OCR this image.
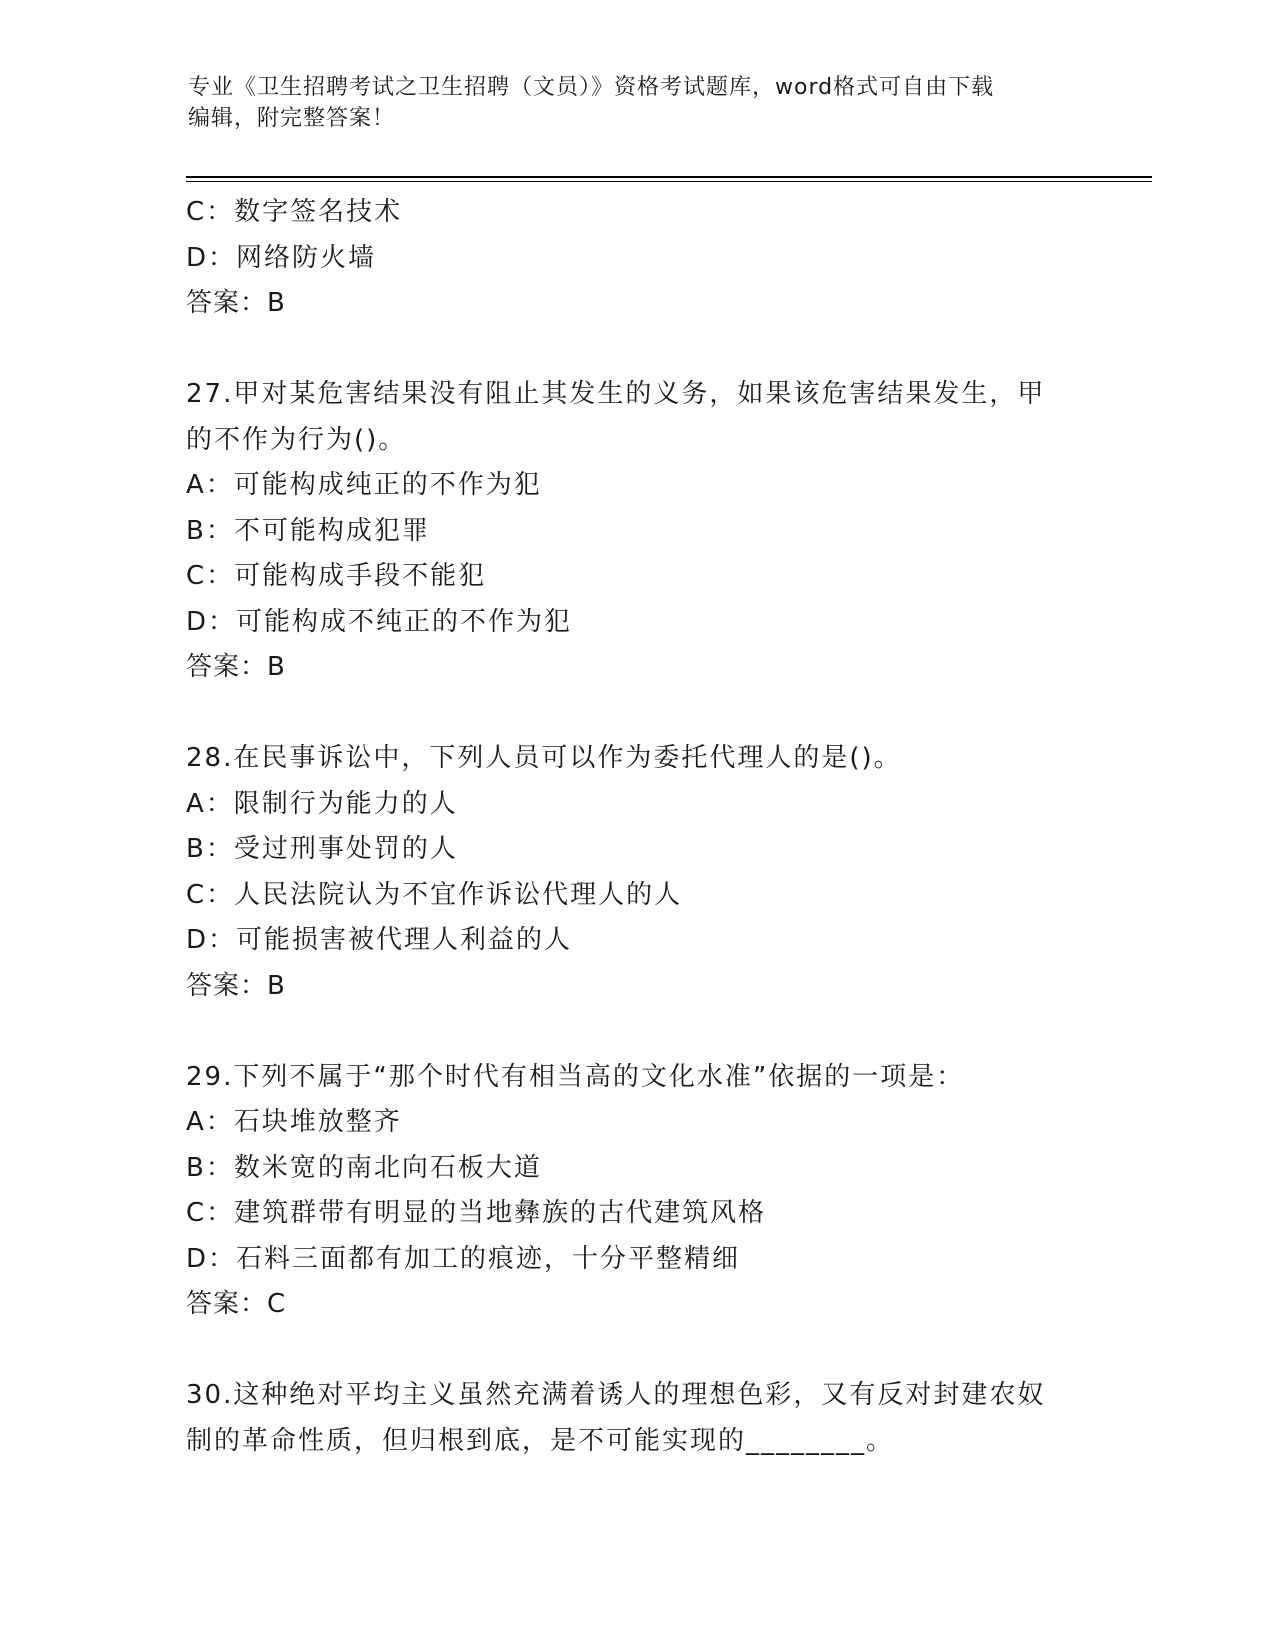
专业《卫生招聘考试之卫生招聘（文员）》资格考试题库，word格式可自由下载
编辑，附完整答案！
C：数字签名技术
D：网络防火墙
答案：B
27.甲对某危害结果没有阻止其发生的义务，如果该危害结果发生，甲
的不作为行为()。
A：可能构成纯正的不作为犯
B：不可能构成犯罪
C：可能构成手段不能犯
D：可能构成不纯正的不作为犯
答案：B
28.在民事诉讼中，下列人员可以作为委托代理人的是()。
A：限制行为能力的人
B：受过刑事处罚的人
C：人民法院认为不宜作诉讼代理人的人
D：可能损害被代理人利益的人
答案：B
29.下列不属于“那个时代有相当高的文化水准”依据的一项是：
A：石块堆放整齐
B：数米宽的南北向石板大道
C：建筑群带有明显的当地彝族的古代建筑风格
D：石料三面都有加工的痕迹，十分平整精细
答案：C
30.这种绝对平均主义虽然充满着诱人的理想色彩，又有反对封建农奴
制的革命性质，但归根到底，是不可能实现的________。
